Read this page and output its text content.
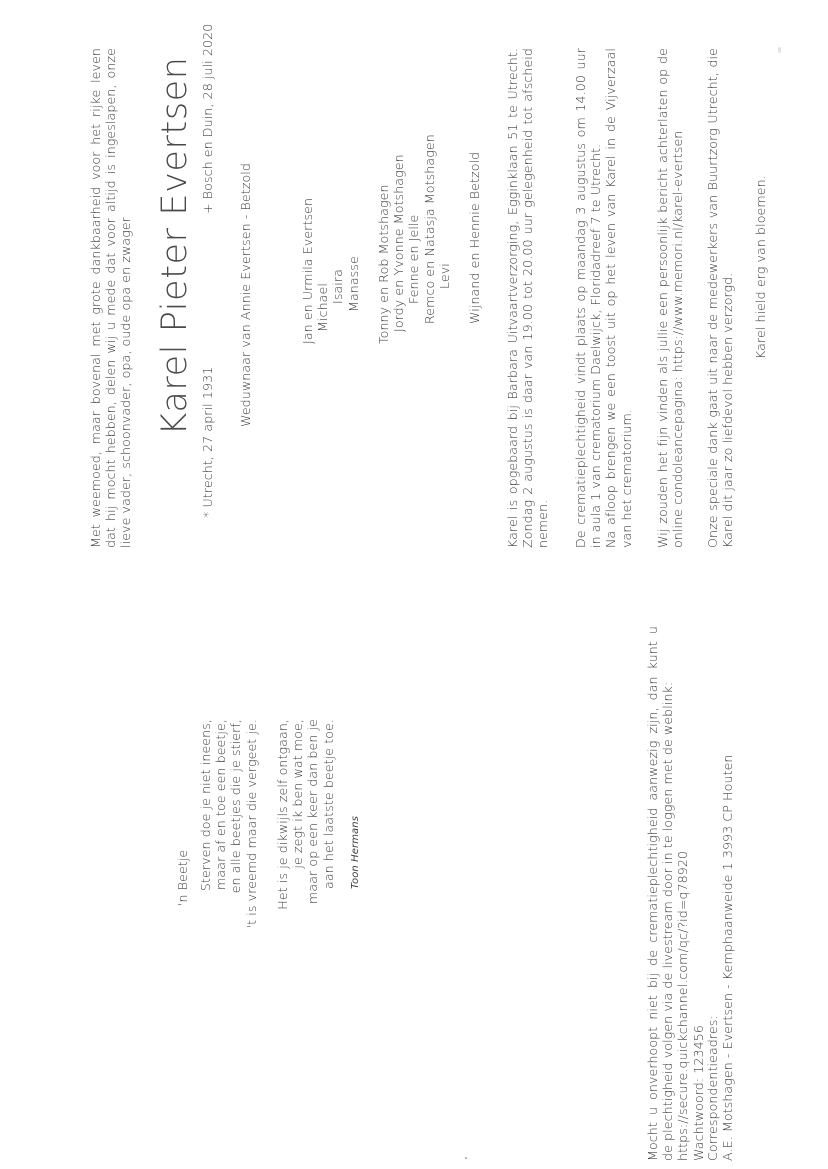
Met weemoed, maar bovenal met grote dankbaarheid voor het rijke leven dat hij mocht hebben, delen wij u mede dat voor altijd is ingeslapen, onze lieve vader, schoonvader, opa, oude opa en zwager Karel Pieter Evertsen
* Utrecht, 27 april 1931
+ Bosch en Duin, 28 juli 2020
Weduwnaar van Annie Evertsen - Betzold	Jan en Urmila Evertsen Michael Isaira Manasse Tonny en Rob Motshagen Jordy en Yvonne Motshagen Fenne en Jelle Remco en Natasja Motshagen Levi Wijnand en Hennie Betzold Karel is opgebaard bij Barbara Uitvaartverzorging, Egginklaan 51 te Utrecht. Zondag 2 augustus is daar van 19.00 tot 20.00 uur gelegenheid tot afscheid nemen. De crematieplechtigheid vindt plaats op maandag 3 augustus om 14.00 uur in aula 1 van crematorium Daelwijck, Floridadreef 7 te Utrecht. Na afloop brengen we een toost uit op het leven van Karel in de Vijverzaal van het crematorium. Wij zouden het fijn vinden als jullie een persoonlijk bericht achterlaten op de online condoleancepagina: https://www.memori.nl/karel-evertsen Onze speciale dank gaat uit naar de medewerkers van Buurtzorg Utrecht, die Karel dit jaar zo liefdevol hebben verzorgd.
Karel hield erg van bloemen.
'n Beetje Sterven doe je niet ineens, maar af en toe een beetje, en alle beetjes die je stierf, 't is vreemd maar die vergeet je. Het is je dikwijls zelf ontgaan, je zegt ik ben wat moe, maar op een keer dan ben je aan het laatste beetje toe. Toon Hermans	Mocht u onverhoopt niet bij de crematieplechtigheid aanwezig zijn, dan kunt u de plechtigheid volgen via de livestream door in te loggen met de weblink: https://secure.quickchannel.com/qc/?id=q78920 Wachtwoord: 123456 Correspondentieadres: A.E. Motshagen - Evertsen - Kemphaanweide 1 3993 CP Houten
